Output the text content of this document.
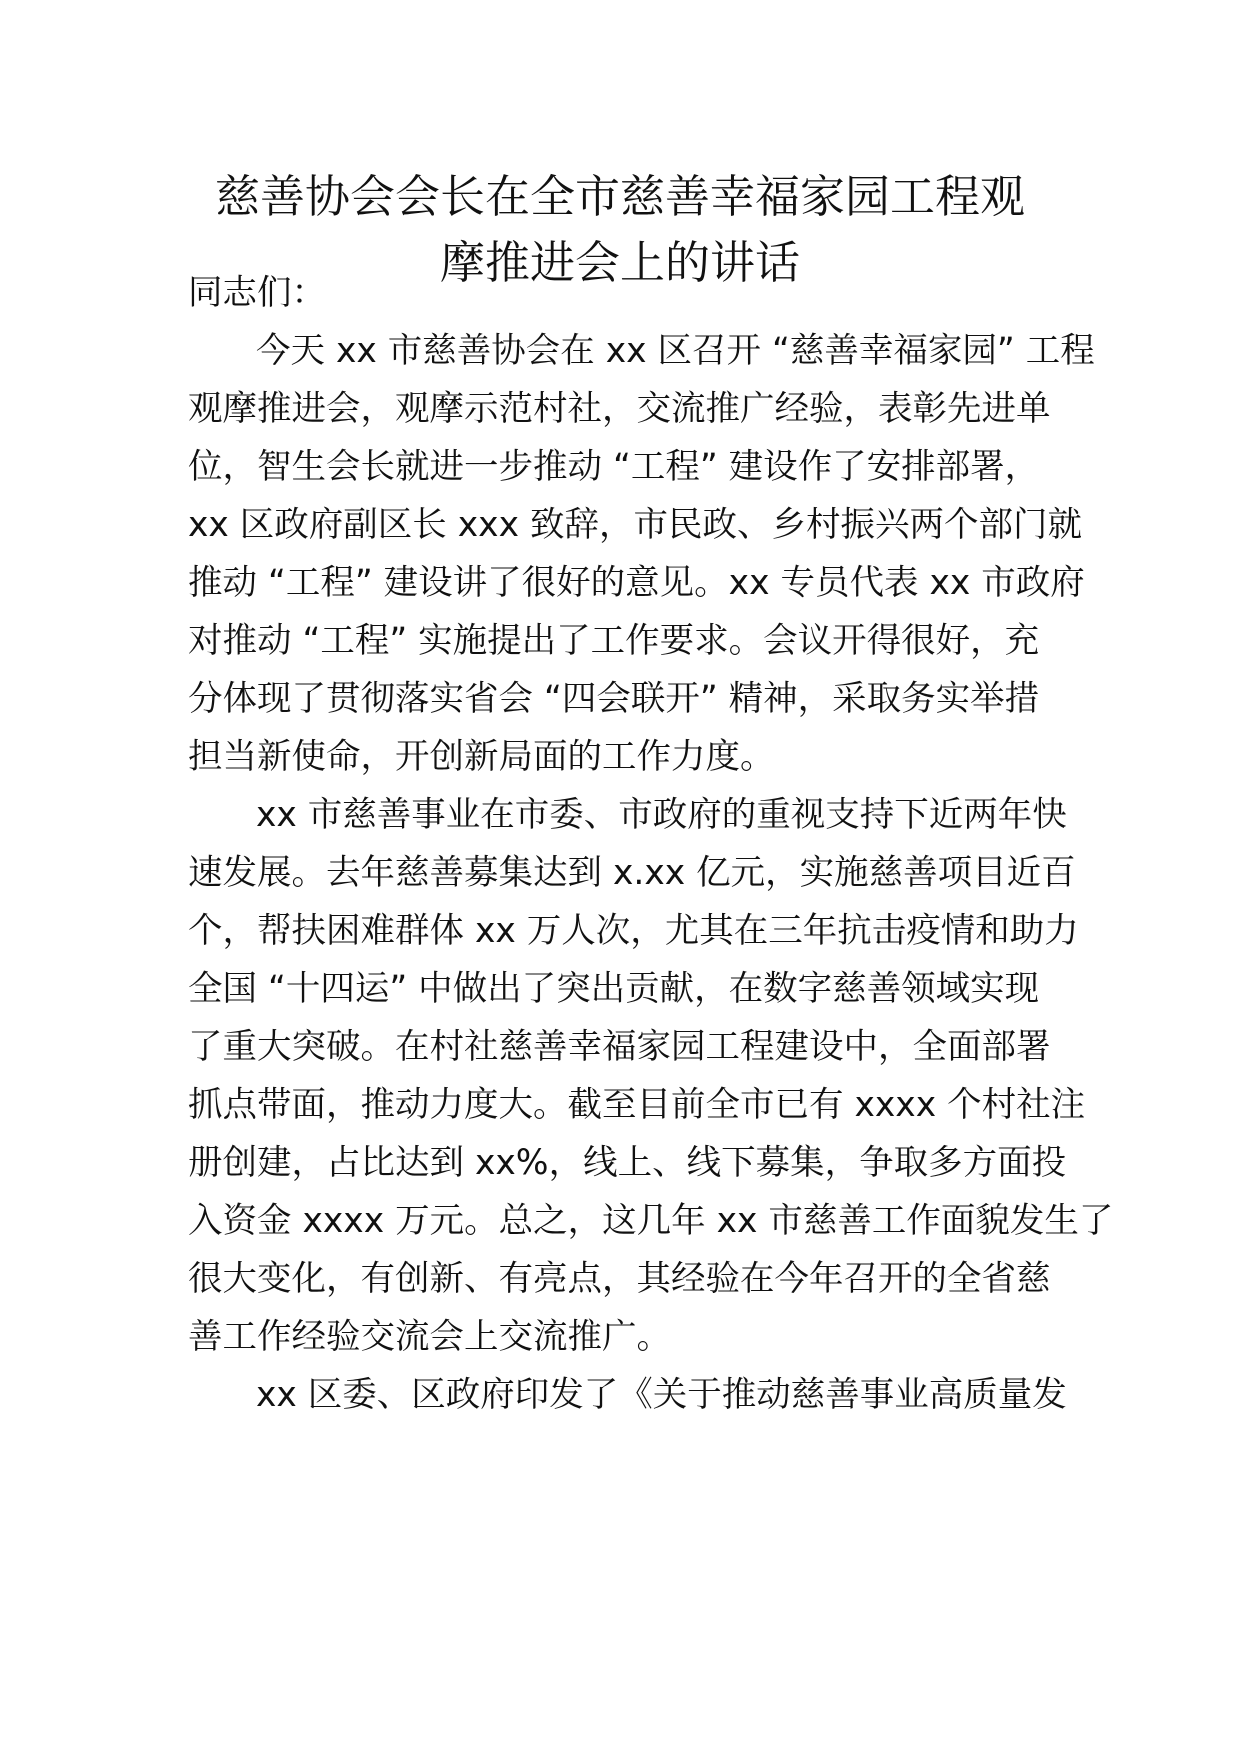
慈善协会会长在全市慈善幸福家园工程观
摩推进会上的讲话
同志们：
今天 xx 市慈善协会在 xx 区召开 “慈善幸福家园” 工程
观摩推进会，观摩示范村社，交流推广经验，表彰先进单
位，智生会长就进一步推动 “工程” 建设作了安排部署，
xx 区政府副区长 xxx 致辞，市民政、乡村振兴两个部门就
推动 “工程” 建设讲了很好的意见。xx 专员代表 xx 市政府
对推动 “工程” 实施提出了工作要求。会议开得很好，充
分体现了贯彻落实省会 “四会联开” 精神，采取务实举措
担当新使命，开创新局面的工作力度。
xx 市慈善事业在市委、市政府的重视支持下近两年快
速发展。去年慈善募集达到 x.xx 亿元，实施慈善项目近百
个，帮扶困难群体 xx 万人次，尤其在三年抗击疫情和助力
全国 “十四运” 中做出了突出贡献，在数字慈善领域实现
了重大突破。在村社慈善幸福家园工程建设中，全面部署
抓点带面，推动力度大。截至目前全市已有 xxxx 个村社注
册创建，占比达到 xx%，线上、线下募集，争取多方面投
入资金 xxxx 万元。总之，这几年 xx 市慈善工作面貌发生了
很大变化，有创新、有亮点，其经验在今年召开的全省慈
善工作经验交流会上交流推广。
xx 区委、区政府印发了《关于推动慈善事业高质量发
